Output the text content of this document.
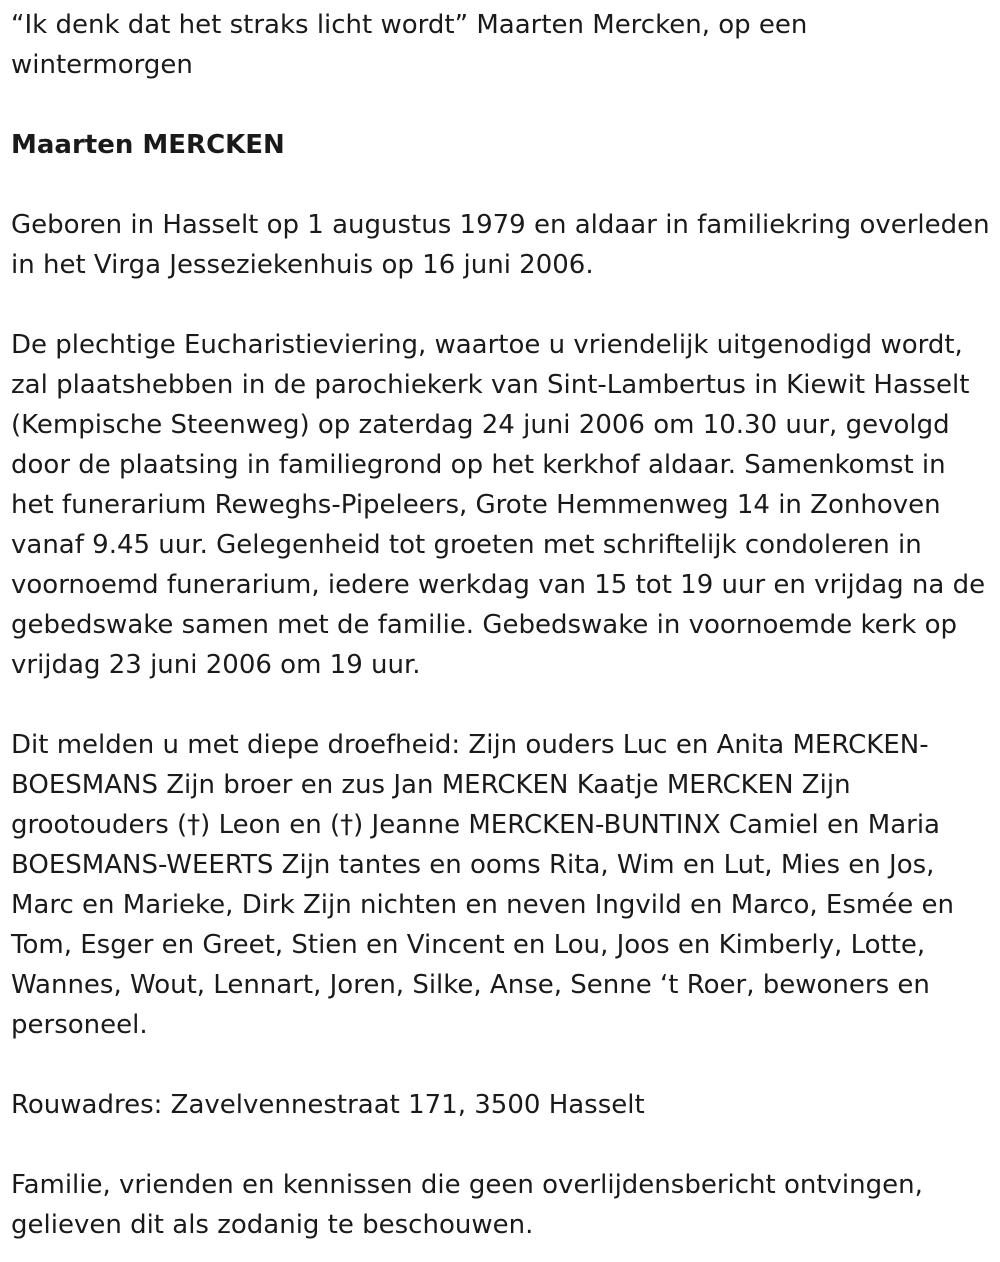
“Ik denk dat het straks licht wordt” Maarten Mercken, op een wintermorgen

Maarten MERCKEN

Geboren in Hasselt op 1 augustus 1979 en aldaar in familiekring overleden in het Virga Jesseziekenhuis op 16 juni 2006.

De plechtige Eucharistieviering, waartoe u vriendelijk uitgenodigd wordt, zal plaatshebben in de parochiekerk van Sint-Lambertus in Kiewit Hasselt (Kempische Steenweg) op zaterdag 24 juni 2006 om 10.30 uur, gevolgd door de plaatsing in familiegrond op het kerkhof aldaar. Samenkomst in het funerarium Reweghs-Pipeleers, Grote Hemmenweg 14 in Zonhoven vanaf 9.45 uur. Gelegenheid tot groeten met schriftelijk condoleren in voornoemd funerarium, iedere werkdag van 15 tot 19 uur en vrijdag na de gebedswake samen met de familie. Gebedswake in voornoemde kerk op vrijdag 23 juni 2006 om 19 uur.

Dit melden u met diepe droefheid: Zijn ouders Luc en Anita MERCKEN-BOESMANS Zijn broer en zus Jan MERCKEN Kaatje MERCKEN Zijn grootouders (†) Leon en (†) Jeanne MERCKEN-BUNTINX Camiel en Maria BOESMANS-WEERTS Zijn tantes en ooms Rita, Wim en Lut, Mies en Jos, Marc en Marieke, Dirk Zijn nichten en neven Ingvild en Marco, Esmée en Tom, Esger en Greet, Stien en Vincent en Lou, Joos en Kimberly, Lotte, Wannes, Wout, Lennart, Joren, Silke, Anse, Senne ‘t Roer, bewoners en personeel.

Rouwadres: Zavelvennestraat 171, 3500 Hasselt

Familie, vrienden en kennissen die geen overlijdensbericht ontvingen, gelieven dit als zodanig te beschouwen.
